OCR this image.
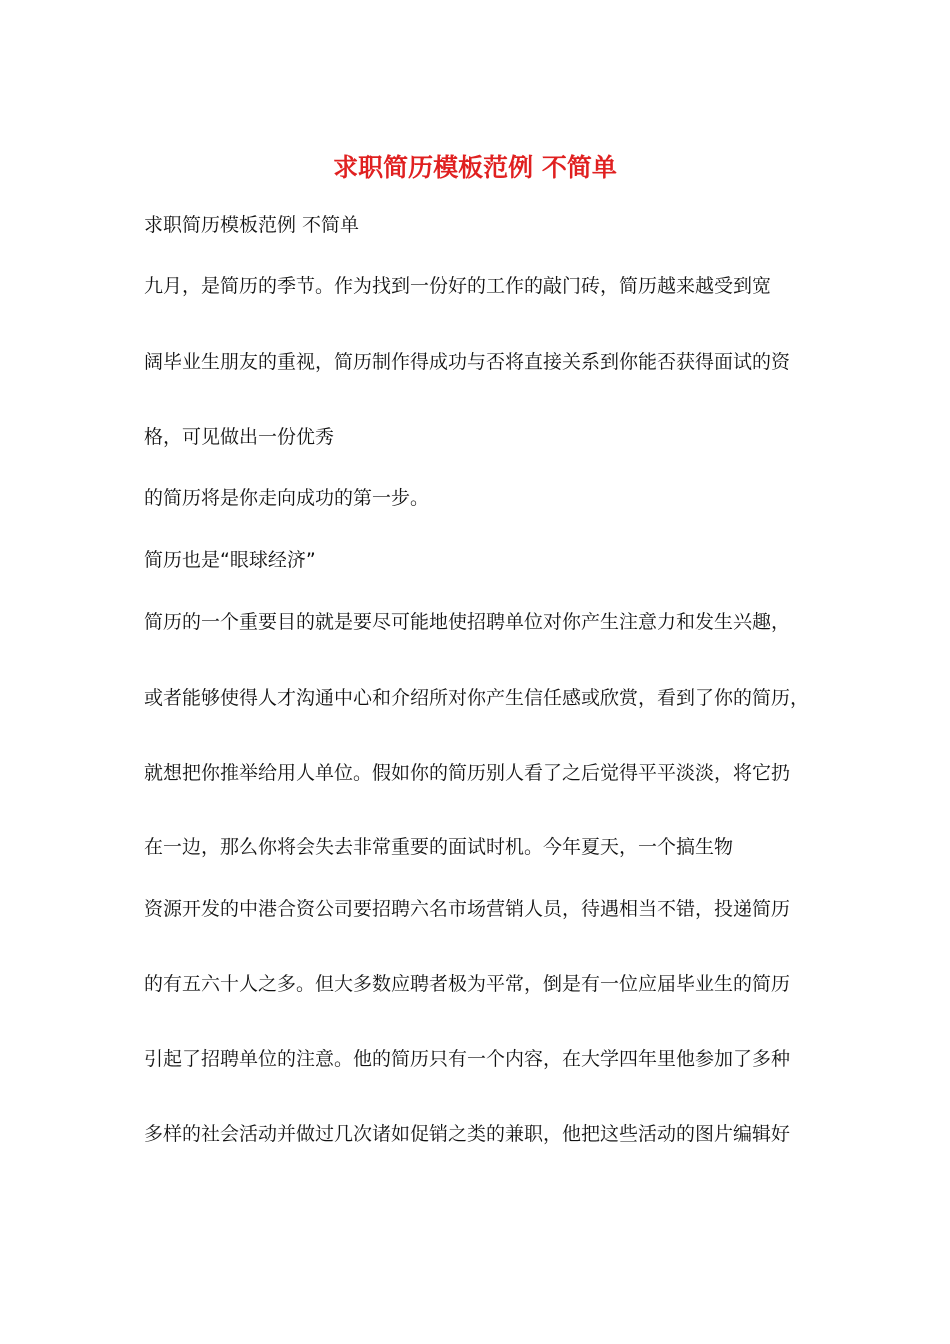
求职简历模板范例 不简单

求职简历模板范例 不简单

九月，是简历的季节。作为找到一份好的工作的敲门砖，简历越来越受到宽

阔毕业生朋友的重视，简历制作得成功与否将直接关系到你能否获得面试的资

格，可见做出一份优秀

的简历将是你走向成功的第一步。

简历也是“眼球经济”

简历的一个重要目的就是要尽可能地使招聘单位对你产生注意力和发生兴趣，

或者能够使得人才沟通中心和介绍所对你产生信任感或欣赏，看到了你的简历，

就想把你推举给用人单位。假如你的简历别人看了之后觉得平平淡淡，将它扔

在一边，那么你将会失去非常重要的面试时机。今年夏天，一个搞生物

资源开发的中港合资公司要招聘六名市场营销人员，待遇相当不错，投递简历

的有五六十人之多。但大多数应聘者极为平常，倒是有一位应届毕业生的简历

引起了招聘单位的注意。他的简历只有一个内容，在大学四年里他参加了多种

多样的社会活动并做过几次诸如促销之类的兼职，他把这些活动的图片编辑好
